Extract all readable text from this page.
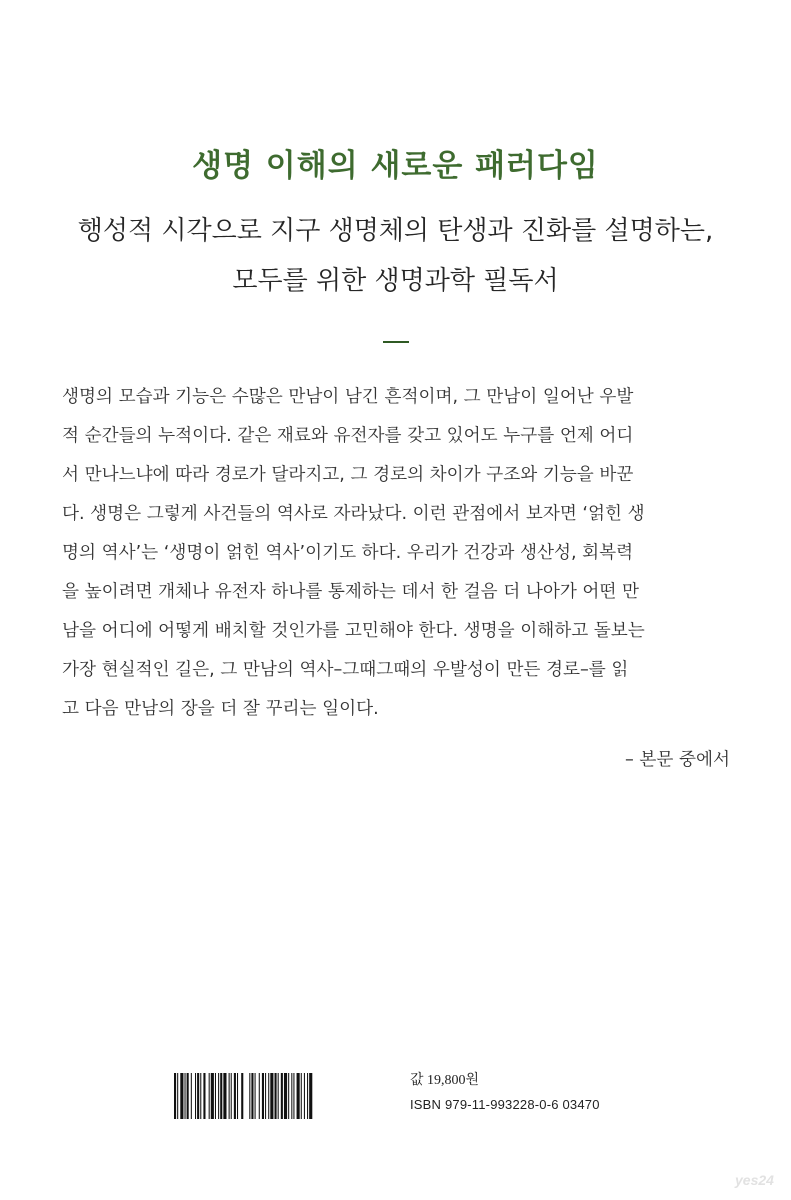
생명 이해의 새로운 패러다임
행성적 시각으로 지구 생명체의 탄생과 진화를 설명하는,
모두를 위한 생명과학 필독서
생명의 모습과 기능은 수많은 만남이 남긴 흔적이며, 그 만남이 일어난 우발
적 순간들의 누적이다. 같은 재료와 유전자를 갖고 있어도 누구를 언제 어디
서 만나느냐에 따라 경로가 달라지고, 그 경로의 차이가 구조와 기능을 바꾼
다. 생명은 그렇게 사건들의 역사로 자라났다. 이런 관점에서 보자면 ‘얽힌 생
명의 역사’는 ‘생명이 얽힌 역사’이기도 하다. 우리가 건강과 생산성, 회복력
을 높이려면 개체나 유전자 하나를 통제하는 데서 한 걸음 더 나아가 어떤 만
남을 어디에 어떻게 배치할 것인가를 고민해야 한다. 생명을 이해하고 돌보는
가장 현실적인 길은, 그 만남의 역사–그때그때의 우발성이 만든 경로–를 읽
고 다음 만남의 장을 더 잘 꾸리는 일이다.
– 본문 중에서
값 19,800원
ISBN 979-11-993228-0-6 03470
yes24
